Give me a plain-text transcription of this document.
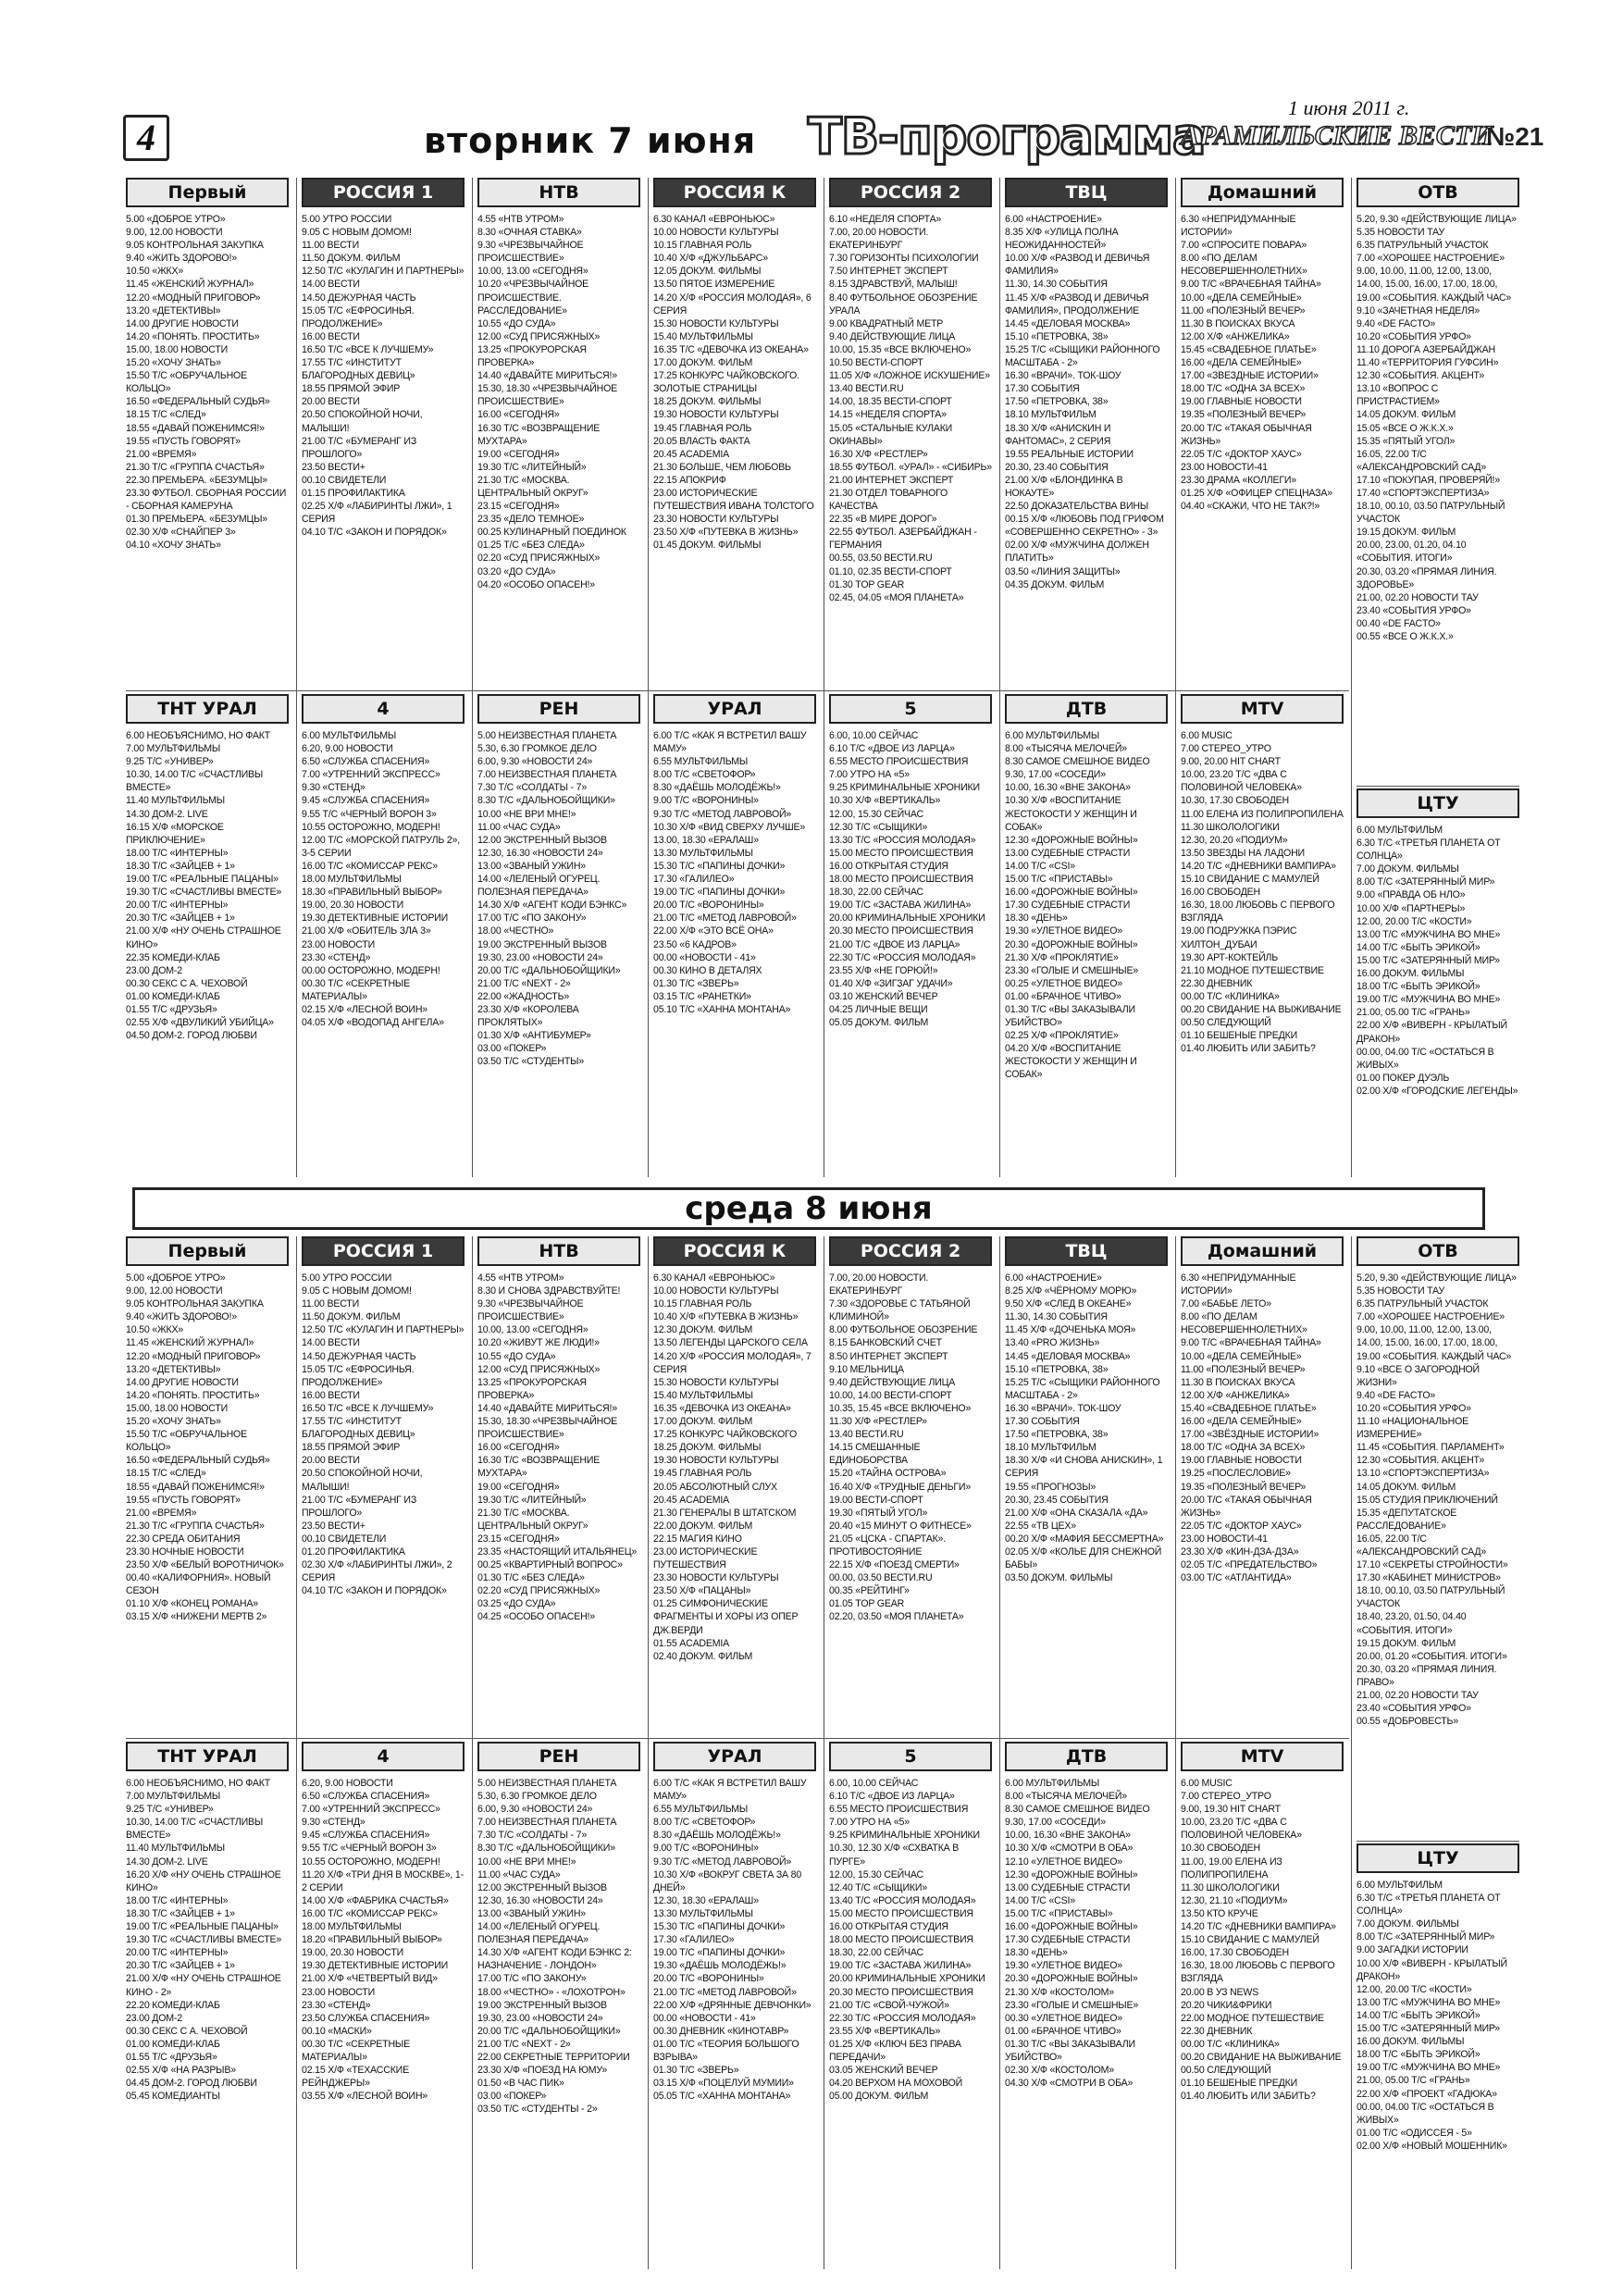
4	вторник 7 июня ТВ-программа	1 июня 2011 г.
АРАМИЛЬСКИЕ ВЕСТИ
№21
среда 8 июня
Первый
5.00 «ДОБРОЕ УТРО»
9.00, 12.00 НОВОСТИ
9.05 КОНТРОЛЬНАЯ ЗАКУПКА
9.40 «ЖИТЬ ЗДОРОВО!»
10.50 «ЖКХ»
11.45 «ЖЕНСКИЙ ЖУРНАЛ»
12.20 «МОДНЫЙ ПРИГОВОР»
13.20 «ДЕТЕКТИВЫ»
14.00 ДРУГИЕ НОВОСТИ
14.20 «ПОНЯТЬ. ПРОСТИТЬ»
15.00, 18.00 НОВОСТИ
15.20 «ХОЧУ ЗНАТЬ»
15.50 Т/С «ОБРУЧАЛЬНОЕ КОЛЬЦО»
16.50 «ФЕДЕРАЛЬНЫЙ СУДЬЯ»
18.15 Т/С «СЛЕД»
18.55 «ДАВАЙ ПОЖЕНИМСЯ!»
19.55 «ПУСТЬ ГОВОРЯТ»
21.00 «ВРЕМЯ»
21.30 Т/С «ГРУППА СЧАСТЬЯ»
22.30 ПРЕМЬЕРА. «БЕЗУМЦЫ»
23.30 ФУТБОЛ. СБОРНАЯ РОССИИ - СБОРНАЯ КАМЕРУНА
01.30 ПРЕМЬЕРА. «БЕЗУМЦЫ»
02.30 Х/Ф «СНАЙПЕР 3»
04.10 «ХОЧУ ЗНАТЬ»
РОССИЯ 1
5.00 УТРО РОССИИ
9.05 С НОВЫМ ДОМОМ!
11.00 ВЕСТИ
11.50 ДОКУМ. ФИЛЬМ
12.50 Т/С «КУЛАГИН И ПАРТНЕРЫ»
14.00 ВЕСТИ
14.50 ДЕЖУРНАЯ ЧАСТЬ
15.05 Т/С «ЕФРОСИНЬЯ. ПРОДОЛЖЕНИЕ»
16.00 ВЕСТИ
16.50 Т/С «ВСЕ К ЛУЧШЕМУ»
17.55 Т/С «ИНСТИТУТ БЛАГОРОДНЫХ ДЕВИЦ»
18.55 ПРЯМОЙ ЭФИР
20.00 ВЕСТИ
20.50 СПОКОЙНОЙ НОЧИ, МАЛЫШИ!
21.00 Т/С «БУМЕРАНГ ИЗ ПРОШЛОГО»
23.50 ВЕСТИ+
00.10 СВИДЕТЕЛИ
01.15 ПРОФИЛАКТИКА
02.25 Х/Ф «ЛАБИРИНТЫ ЛЖИ», 1 СЕРИЯ
04.10 Т/С «ЗАКОН И ПОРЯДОК»
НТВ
4.55 «НТВ УТРОМ»
8.30 «ОЧНАЯ СТАВКА»
9.30 «ЧРЕЗВЫЧАЙНОЕ ПРОИСШЕСТВИЕ»
10.00, 13.00 «СЕГОДНЯ»
10.20 «ЧРЕЗВЫЧАЙНОЕ ПРОИСШЕСТВИЕ. РАССЛЕДОВАНИЕ»
10.55 «ДО СУДА»
12.00 «СУД ПРИСЯЖНЫХ»
13.25 «ПРОКУРОРСКАЯ ПРОВЕРКА»
14.40 «ДАВАЙТЕ МИРИТЬСЯ!»
15.30, 18.30 «ЧРЕЗВЫЧАЙНОЕ ПРОИСШЕСТВИЕ»
16.00 «СЕГОДНЯ»
16.30 Т/С «ВОЗВРАЩЕНИЕ МУХТАРА»
19.00 «СЕГОДНЯ»
19.30 Т/С «ЛИТЕЙНЫЙ»
21.30 Т/С «МОСКВА. ЦЕНТРАЛЬНЫЙ ОКРУГ»
23.15 «СЕГОДНЯ»
23.35 «ДЕЛО ТЕМНОЕ»
00.25 КУЛИНАРНЫЙ ПОЕДИНОК
01.25 Т/С «БЕЗ СЛЕДА»
02.20 «СУД ПРИСЯЖНЫХ»
03.20 «ДО СУДА»
04.20 «ОСОБО ОПАСЕН!»
РОССИЯ К
6.30 КАНАЛ «ЕВРОНЬЮС»
10.00 НОВОСТИ КУЛЬТУРЫ
10.15 ГЛАВНАЯ РОЛЬ
10.40 Х/Ф «ДЖУЛЬБАРС»
12.05 ДОКУМ. ФИЛЬМЫ
13.50 ПЯТОЕ ИЗМЕРЕНИЕ
14.20 Х/Ф «РОССИЯ МОЛОДАЯ», 6 СЕРИЯ
15.30 НОВОСТИ КУЛЬТУРЫ
15.40 МУЛЬТФИЛЬМЫ
16.35 Т/С «ДЕВОЧКА ИЗ ОКЕАНА»
17.00 ДОКУМ. ФИЛЬМ
17.25 КОНКУРС ЧАЙКОВСКОГО. ЗОЛОТЫЕ СТРАНИЦЫ
18.25 ДОКУМ. ФИЛЬМЫ
19.30 НОВОСТИ КУЛЬТУРЫ
19.45 ГЛАВНАЯ РОЛЬ
20.05 ВЛАСТЬ ФАКТА
20.45 ACADEMIA
21.30 БОЛЬШЕ, ЧЕМ ЛЮБОВЬ
22.15 АПОКРИФ
23.00 ИСТОРИЧЕСКИЕ ПУТЕШЕСТВИЯ ИВАНА ТОЛСТОГО
23.30 НОВОСТИ КУЛЬТУРЫ
23.50 Х/Ф «ПУТЕВКА В ЖИЗНЬ»
01.45 ДОКУМ. ФИЛЬМЫ
РОССИЯ 2
6.10 «НЕДЕЛЯ СПОРТА»
7.00, 20.00 НОВОСТИ. ЕКАТЕРИНБУРГ
7.30 ГОРИЗОНТЫ ПСИХОЛОГИИ
7.50 ИНТЕРНЕТ ЭКСПЕРТ
8.15 ЗДРАВСТВУЙ, МАЛЫШ!
8.40 ФУТБОЛЬНОЕ ОБОЗРЕНИЕ УРАЛА
9.00 КВАДРАТНЫЙ МЕТР
9.40 ДЕЙСТВУЮЩИЕ ЛИЦА
10.00, 15.35 «ВСЕ ВКЛЮЧЕНО»
10.50 ВЕСТИ-СПОРТ
11.05 Х/Ф «ЛОЖНОЕ ИСКУШЕНИЕ»
13.40 ВЕСТИ.RU
14.00, 18.35 ВЕСТИ-СПОРТ
14.15 «НЕДЕЛЯ СПОРТА»
15.05 «СТАЛЬНЫЕ КУЛАКИ ОКИНАВЫ»
16.30 Х/Ф «РЕСТЛЕР»
18.55 ФУТБОЛ. «УРАЛ» - «СИБИРЬ»
21.00 ИНТЕРНЕТ ЭКСПЕРТ
21.30 ОТДЕЛ ТОВАРНОГО КАЧЕСТВА
22.35 «В МИРЕ ДОРОГ»
22.55 ФУТБОЛ. АЗЕРБАЙДЖАН - ГЕРМАНИЯ
00.55, 03.50 ВЕСТИ.RU
01.10, 02.35 ВЕСТИ-СПОРТ
01.30 TOP GEAR
02.45, 04.05 «МОЯ ПЛАНЕТА»
ТВЦ
6.00 «НАСТРОЕНИЕ»
8.35 Х/Ф «УЛИЦА ПОЛНА НЕОЖИДАННОСТЕЙ»
10.00 Х/Ф «РАЗВОД И ДЕВИЧЬЯ ФАМИЛИЯ»
11.30, 14.30 СОБЫТИЯ
11.45 Х/Ф «РАЗВОД И ДЕВИЧЬЯ ФАМИЛИЯ», ПРОДОЛЖЕНИЕ
14.45 «ДЕЛОВАЯ МОСКВА»
15.10 «ПЕТРОВКА, 38»
15.25 Т/С «СЫЩИКИ РАЙОННОГО МАСШТАБА - 2»
16.30 «ВРАЧИ». ТОК-ШОУ
17.30 СОБЫТИЯ
17.50 «ПЕТРОВКА, 38»
18.10 МУЛЬТФИЛЬМ
18.30 Х/Ф «АНИСКИН И ФАНТОМАС», 2 СЕРИЯ
19.55 РЕАЛЬНЫЕ ИСТОРИИ
20.30, 23.40 СОБЫТИЯ
21.00 Х/Ф «БЛОНДИНКА В НОКАУТЕ»
22.50 ДОКАЗАТЕЛЬСТВА ВИНЫ
00.15 Х/Ф «ЛЮБОВЬ ПОД ГРИФОМ «СОВЕРШЕННО СЕКРЕТНО» - 3»
02.00 Х/Ф «МУЖЧИНА ДОЛЖЕН ПЛАТИТЬ»
03.50 «ЛИНИЯ ЗАЩИТЫ»
04.35 ДОКУМ. ФИЛЬМ
Домашний
6.30 «НЕПРИДУМАННЫЕ ИСТОРИИ»
7.00 «СПРОСИТЕ ПОВАРА»
8.00 «ПО ДЕЛАМ НЕСОВЕРШЕННОЛЕТНИХ»
9.00 Т/С «ВРАЧЕБНАЯ ТАЙНА»
10.00 «ДЕЛА СЕМЕЙНЫЕ»
11.00 «ПОЛЕЗНЫЙ ВЕЧЕР»
11.30 В ПОИСКАХ ВКУСА
12.00 Х/Ф «АНЖЕЛИКА»
15.45 «СВАДЕБНОЕ ПЛАТЬЕ»
16.00 «ДЕЛА СЕМЕЙНЫЕ»
17.00 «ЗВЕЗДНЫЕ ИСТОРИИ»
18.00 Т/С «ОДНА ЗА ВСЕХ»
19.00 ГЛАВНЫЕ НОВОСТИ
19.35 «ПОЛЕЗНЫЙ ВЕЧЕР»
20.00 Т/С «ТАКАЯ ОБЫЧНАЯ ЖИЗНЬ»
22.05 Т/С «ДОКТОР ХАУС»
23.00 НОВОСТИ-41
23.30 ДРАМА «КОЛЛЕГИ»
01.25 Х/Ф «ОФИЦЕР СПЕЦНАЗА»
04.40 «СКАЖИ, ЧТО НЕ ТАК?!»
ТНТ УРАЛ
6.00 НЕОБЪЯСНИМО, НО ФАКТ
7.00 МУЛЬТФИЛЬМЫ
9.25 Т/С «УНИВЕР»
10.30, 14.00 Т/С «СЧАСТЛИВЫ ВМЕСТЕ»
11.40 МУЛЬТФИЛЬМЫ
14.30 ДОМ-2. LIVE
16.15 Х/Ф «МОРСКОЕ ПРИКЛЮЧЕНИЕ»
18.00 Т/С «ИНТЕРНЫ»
18.30 Т/С «ЗАЙЦЕВ + 1»
19.00 Т/С «РЕАЛЬНЫЕ ПАЦАНЫ»
19.30 Т/С «СЧАСТЛИВЫ ВМЕСТЕ»
20.00 Т/С «ИНТЕРНЫ»
20.30 Т/С «ЗАЙЦЕВ + 1»
21.00 Х/Ф «НУ ОЧЕНЬ СТРАШНОЕ КИНО»
22.35 КОМЕДИ-КЛАБ
23.00 ДОМ-2
00.30 СЕКС С А. ЧЕХОВОЙ
01.00 КОМЕДИ-КЛАБ
01.55 Т/С «ДРУЗЬЯ»
02.55 Х/Ф «ДВУЛИКИЙ УБИЙЦА»
04.50 ДОМ-2. ГОРОД ЛЮБВИ
4
6.00 МУЛЬТФИЛЬМЫ
6.20, 9.00 НОВОСТИ
6.50 «СЛУЖБА СПАСЕНИЯ»
7.00 «УТРЕННИЙ ЭКСПРЕСС»
9.30 «СТЕНД»
9.45 «СЛУЖБА СПАСЕНИЯ»
9.55 Т/С «ЧЕРНЫЙ ВОРОН 3»
10.55 ОСТОРОЖНО, МОДЕРН!
12.00 Т/С «МОРСКОЙ ПАТРУЛЬ 2», 3-5 СЕРИИ
16.00 Т/С «КОМИССАР РЕКС»
18.00 МУЛЬТФИЛЬМЫ
18.30 «ПРАВИЛЬНЫЙ ВЫБОР»
19.00, 20.30 НОВОСТИ
19.30 ДЕТЕКТИВНЫЕ ИСТОРИИ
21.00 Х/Ф «ОБИТЕЛЬ ЗЛА 3»
23.00 НОВОСТИ
23.30 «СТЕНД»
00.00 ОСТОРОЖНО, МОДЕРН!
00.30 Т/С «СЕКРЕТНЫЕ МАТЕРИАЛЫ»
02.15 Х/Ф «ЛЕСНОЙ ВОИН»
04.05 Х/Ф «ВОДОПАД АНГЕЛА»
РЕН
5.00 НЕИЗВЕСТНАЯ ПЛАНЕТА
5.30, 6.30 ГРОМКОЕ ДЕЛО
6.00, 9.30 «НОВОСТИ 24»
7.00 НЕИЗВЕСТНАЯ ПЛАНЕТА
7.30 Т/С «СОЛДАТЫ - 7»
8.30 Т/С «ДАЛЬНОБОЙЩИКИ»
10.00 «НЕ ВРИ МНЕ!»
11.00 «ЧАС СУДА»
12.00 ЭКСТРЕННЫЙ ВЫЗОВ
12.30, 16.30 «НОВОСТИ 24»
13.00 «ЗВАНЫЙ УЖИН»
14.00 «ЛЕЛЕНЫЙ ОГУРЕЦ. ПОЛЕЗНАЯ ПЕРЕДАЧА»
14.30 Х/Ф «АГЕНТ КОДИ БЭНКС»
17.00 Т/С «ПО ЗАКОНУ»
18.00 «ЧЕСТНО»
19.00 ЭКСТРЕННЫЙ ВЫЗОВ
19.30, 23.00 «НОВОСТИ 24»
20.00 Т/С «ДАЛЬНОБОЙЩИКИ»
21.00 Т/С «NEXT - 2»
22.00 «ЖАДНОСТЬ»
23.30 Х/Ф «КОРОЛЕВА ПРОКЛЯТЫХ»
01.30 Х/Ф «АНТИБУМЕР»
03.00 «ПОКЕР»
03.50 Т/С «СТУДЕНТЫ»
УРАЛ
6.00 Т/С «КАК Я ВСТРЕТИЛ ВАШУ МАМУ»
6.55 МУЛЬТФИЛЬМЫ
8.00 Т/С «СВЕТОФОР»
8.30 «ДАЁШЬ МОЛОДЁЖЬ!»
9.00 Т/С «ВОРОНИНЫ»
9.30 Т/С «МЕТОД ЛАВРОВОЙ»
10.30 Х/Ф «ВИД СВЕРХУ ЛУЧШЕ»
13.00, 18.30 «ЕРАЛАШ»
13.30 МУЛЬТФИЛЬМЫ
15.30 Т/С «ПАПИНЫ ДОЧКИ»
17.30 «ГАЛИЛЕО»
19.00 Т/С «ПАПИНЫ ДОЧКИ»
20.00 Т/С «ВОРОНИНЫ»
21.00 Т/С «МЕТОД ЛАВРОВОЙ»
22.00 Х/Ф «ЭТО ВСЁ ОНА»
23.50 «6 КАДРОВ»
00.00 «НОВОСТИ - 41»
00.30 КИНО В ДЕТАЛЯХ
01.30 Т/С «ЗВЕРЬ»
03.15 Т/С «РАНЕТКИ»
05.10 Т/С «ХАННА МОНТАНА»
5
6.00, 10.00 СЕЙЧАС
6.10 Т/С «ДВОЕ ИЗ ЛАРЦА»
6.55 МЕСТО ПРОИСШЕСТВИЯ
7.00 УТРО НА «5»
9.25 КРИМИНАЛЬНЫЕ ХРОНИКИ
10.30 Х/Ф «ВЕРТИКАЛЬ»
12.00, 15.30 СЕЙЧАС
12.30 Т/С «СЫЩИКИ»
13.30 Т/С «РОССИЯ МОЛОДАЯ»
15.00 МЕСТО ПРОИСШЕСТВИЯ
16.00 ОТКРЫТАЯ СТУДИЯ
18.00 МЕСТО ПРОИСШЕСТВИЯ
18.30, 22.00 СЕЙЧАС
19.00 Т/С «ЗАСТАВА ЖИЛИНА»
20.00 КРИМИНАЛЬНЫЕ ХРОНИКИ
20.30 МЕСТО ПРОИСШЕСТВИЯ
21.00 Т/С «ДВОЕ ИЗ ЛАРЦА»
22.30 Т/С «РОССИЯ МОЛОДАЯ»
23.55 Х/Ф «НЕ ГОРЮЙ!»
01.40 Х/Ф «ЗИГЗАГ УДАЧИ»
03.10 ЖЕНСКИЙ ВЕЧЕР
04.25 ЛИЧНЫЕ ВЕЩИ
05.05 ДОКУМ. ФИЛЬМ
ДТВ
6.00 МУЛЬТФИЛЬМЫ
8.00 «ТЫСЯЧА МЕЛОЧЕЙ»
8.30 САМОЕ СМЕШНОЕ ВИДЕО
9.30, 17.00 «СОСЕДИ»
10.00, 16.30 «ВНЕ ЗАКОНА»
10.30 Х/Ф «ВОСПИТАНИЕ ЖЕСТОКОСТИ У ЖЕНЩИН И СОБАК»
12.30 «ДОРОЖНЫЕ ВОЙНЫ»
13.00 СУДЕБНЫЕ СТРАСТИ
14.00 Т/С «CSI»
15.00 Т/С «ПРИСТАВЫ»
16.00 «ДОРОЖНЫЕ ВОЙНЫ»
17.30 СУДЕБНЫЕ СТРАСТИ
18.30 «ДЕНЬ»
19.30 «УЛЕТНОЕ ВИДЕО»
20.30 «ДОРОЖНЫЕ ВОЙНЫ»
21.30 Х/Ф «ПРОКЛЯТИЕ»
23.30 «ГОЛЫЕ И СМЕШНЫЕ»
00.25 «УЛЕТНОЕ ВИДЕО»
01.00 «БРАЧНОЕ ЧТИВО»
01.30 Т/С «ВЫ ЗАКАЗЫВАЛИ УБИЙСТВО»
02.25 Х/Ф «ПРОКЛЯТИЕ»
04.20 Х/Ф «ВОСПИТАНИЕ ЖЕСТОКОСТИ У ЖЕНЩИН И СОБАК»
MTV
6.00 MUSIC
7.00 СТЕРЕО_УТРО
9.00, 20.00 HIT CHART
10.00, 23.20 Т/С «ДВА С ПОЛОВИНОЙ ЧЕЛОВЕКА»
10.30, 17.30 СВОБОДЕН
11.00 ЕЛЕНА ИЗ ПОЛИПРОПИЛЕНА
11.30 ШКОЛОЛОГИКИ
12.30, 20.20 «ПОДИУМ»
13.50 ЗВЕЗДЫ НА ЛАДОНИ
14.20 Т/С «ДНЕВНИКИ ВАМПИРА»
15.10 СВИДАНИЕ С МАМУЛЕЙ
16.00 СВОБОДЕН
16.30, 18.00 ЛЮБОВЬ С ПЕРВОГО ВЗГЛЯДА
19.00 ПОДРУЖКА ПЭРИС ХИЛТОН_ДУБАИ
19.30 АРТ-КОКТЕЙЛЬ
21.10 МОДНОЕ ПУТЕШЕСТВИЕ
22.30 ДНЕВНИК
00.00 Т/С «КЛИНИКА»
00.20 СВИДАНИЕ НА ВЫЖИВАНИЕ
00.50 СЛЕДУЮЩИЙ
01.10 БЕШЕНЫЕ ПРЕДКИ
01.40 ЛЮБИТЬ ИЛИ ЗАБИТЬ?
ОТВ
5.20, 9.30 «ДЕЙСТВУЮЩИЕ ЛИЦА»
5.35 НОВОСТИ ТАУ
6.35 ПАТРУЛЬНЫЙ УЧАСТОК
7.00 «ХОРОШЕЕ НАСТРОЕНИЕ»
9.00, 10.00, 11.00, 12.00, 13.00, 14.00, 15.00, 16.00, 17.00, 18.00, 19.00 «СОБЫТИЯ. КАЖДЫЙ ЧАС»
9.10 «ЗАЧЕТНАЯ НЕДЕЛЯ»
9.40 «DE FACTO»
10.20 «СОБЫТИЯ УРФО»
11.10 ДОРОГА АЗЕРБАЙДЖАН
11.40 «ТЕРРИТОРИЯ ГУФСИН»
12.30 «СОБЫТИЯ. АКЦЕНТ»
13.10 «ВОПРОС С ПРИСТРАСТИЕМ»
14.05 ДОКУМ. ФИЛЬМ
15.05 «ВСЕ О Ж.К.Х.»
15.35 «ПЯТЫЙ УГОЛ»
16.05, 22.00 Т/С «АЛЕКСАНДРОВСКИЙ САД»
17.10 «ПОКУПАЯ, ПРОВЕРЯЙ!»
17.40 «СПОРТЭКСПЕРТИЗА»
18.10, 00.10, 03.50 ПАТРУЛЬНЫЙ УЧАСТОК
19.15 ДОКУМ. ФИЛЬМ
20.00, 23.00, 01.20, 04.10 «СОБЫТИЯ. ИТОГИ»
20.30, 03.20 «ПРЯМАЯ ЛИНИЯ. ЗДОРОВЬЕ»
21.00, 02.20 НОВОСТИ ТАУ
23.40 «СОБЫТИЯ УРФО»
00.40 «DE FACTO»
00.55 «ВСЕ О Ж.К.Х.»
ЦТУ
6.00 МУЛЬТФИЛЬМ
6.30 Т/С «ТРЕТЬЯ ПЛАНЕТА ОТ СОЛНЦА»
7.00 ДОКУМ. ФИЛЬМЫ
8.00 Т/С «ЗАТЕРЯННЫЙ МИР»
9.00 «ПРАВДА ОБ НЛО»
10.00 Х/Ф «ПАРТНЕРЫ»
12.00, 20.00 Т/С «КОСТИ»
13.00 Т/С «МУЖЧИНА ВО МНЕ»
14.00 Т/С «БЫТЬ ЭРИКОЙ»
15.00 Т/С «ЗАТЕРЯННЫЙ МИР»
16.00 ДОКУМ. ФИЛЬМЫ
18.00 Т/С «БЫТЬ ЭРИКОЙ»
19.00 Т/С «МУЖЧИНА ВО МНЕ»
21.00, 05.00 Т/С «ГРАНЬ»
22.00 Х/Ф «ВИВЕРН - КРЫЛАТЫЙ ДРАКОН»
00.00, 04.00 Т/С «ОСТАТЬСЯ В ЖИВЫХ»
01.00 ПОКЕР ДУЭЛЬ
02.00 Х/Ф «ГОРОДСКИЕ ЛЕГЕНДЫ»
Первый
5.00 «ДОБРОЕ УТРО»
9.00, 12.00 НОВОСТИ
9.05 КОНТРОЛЬНАЯ ЗАКУПКА
9.40 «ЖИТЬ ЗДОРОВО!»
10.50 «ЖКХ»
11.45 «ЖЕНСКИЙ ЖУРНАЛ»
12.20 «МОДНЫЙ ПРИГОВОР»
13.20 «ДЕТЕКТИВЫ»
14.00 ДРУГИЕ НОВОСТИ
14.20 «ПОНЯТЬ. ПРОСТИТЬ»
15.00, 18.00 НОВОСТИ
15.20 «ХОЧУ ЗНАТЬ»
15.50 Т/С «ОБРУЧАЛЬНОЕ КОЛЬЦО»
16.50 «ФЕДЕРАЛЬНЫЙ СУДЬЯ»
18.15 Т/С «СЛЕД»
18.55 «ДАВАЙ ПОЖЕНИМСЯ!»
19.55 «ПУСТЬ ГОВОРЯТ»
21.00 «ВРЕМЯ»
21.30 Т/С «ГРУППА СЧАСТЬЯ»
22.30 СРЕДА ОБИТАНИЯ
23.30 НОЧНЫЕ НОВОСТИ
23.50 Х/Ф «БЕЛЫЙ ВОРОТНИЧОК»
00.40 «КАЛИФОРНИЯ». НОВЫЙ СЕЗОН
01.10 Х/Ф «КОНЕЦ РОМАНА»
03.15 Х/Ф «НИЖЕНИ МЕРТВ 2»
РОССИЯ 1
5.00 УТРО РОССИИ
9.05 С НОВЫМ ДОМОМ!
11.00 ВЕСТИ
11.50 ДОКУМ. ФИЛЬМ
12.50 Т/С «КУЛАГИН И ПАРТНЕРЫ»
14.00 ВЕСТИ
14.50 ДЕЖУРНАЯ ЧАСТЬ
15.05 Т/С «ЕФРОСИНЬЯ. ПРОДОЛЖЕНИЕ»
16.00 ВЕСТИ
16.50 Т/С «ВСЕ К ЛУЧШЕМУ»
17.55 Т/С «ИНСТИТУТ БЛАГОРОДНЫХ ДЕВИЦ»
18.55 ПРЯМОЙ ЭФИР
20.00 ВЕСТИ
20.50 СПОКОЙНОЙ НОЧИ, МАЛЫШИ!
21.00 Т/С «БУМЕРАНГ ИЗ ПРОШЛОГО»
23.50 ВЕСТИ+
00.10 СВИДЕТЕЛИ
01.20 ПРОФИЛАКТИКА
02.30 Х/Ф «ЛАБИРИНТЫ ЛЖИ», 2 СЕРИЯ
04.10 Т/С «ЗАКОН И ПОРЯДОК»
НТВ
4.55 «НТВ УТРОМ»
8.30 И СНОВА ЗДРАВСТВУЙТЕ!
9.30 «ЧРЕЗВЫЧАЙНОЕ ПРОИСШЕСТВИЕ»
10.00, 13.00 «СЕГОДНЯ»
10.20 «ЖИВУТ ЖЕ ЛЮДИ!»
10.55 «ДО СУДА»
12.00 «СУД ПРИСЯЖНЫХ»
13.25 «ПРОКУРОРСКАЯ ПРОВЕРКА»
14.40 «ДАВАЙТЕ МИРИТЬСЯ!»
15.30, 18.30 «ЧРЕЗВЫЧАЙНОЕ ПРОИСШЕСТВИЕ»
16.00 «СЕГОДНЯ»
16.30 Т/С «ВОЗВРАЩЕНИЕ МУХТАРА»
19.00 «СЕГОДНЯ»
19.30 Т/С «ЛИТЕЙНЫЙ»
21.30 Т/С «МОСКВА. ЦЕНТРАЛЬНЫЙ ОКРУГ»
23.15 «СЕГОДНЯ»
23.35 «НАСТОЯЩИЙ ИТАЛЬЯНЕЦ»
00.25 «КВАРТИРНЫЙ ВОПРОС»
01.30 Т/С «БЕЗ СЛЕДА»
02.20 «СУД ПРИСЯЖНЫХ»
03.25 «ДО СУДА»
04.25 «ОСОБО ОПАСЕН!»
РОССИЯ К
6.30 КАНАЛ «ЕВРОНЬЮС»
10.00 НОВОСТИ КУЛЬТУРЫ
10.15 ГЛАВНАЯ РОЛЬ
10.40 Х/Ф «ПУТЕВКА В ЖИЗНЬ»
12.30 ДОКУМ. ФИЛЬМ
13.50 ЛЕГЕНДЫ ЦАРСКОГО СЕЛА
14.20 Х/Ф «РОССИЯ МОЛОДАЯ», 7 СЕРИЯ
15.30 НОВОСТИ КУЛЬТУРЫ
15.40 МУЛЬТФИЛЬМЫ
16.35 «ДЕВОЧКА ИЗ ОКЕАНА»
17.00 ДОКУМ. ФИЛЬМ
17.25 КОНКУРС ЧАЙКОВСКОГО
18.25 ДОКУМ. ФИЛЬМЫ
19.30 НОВОСТИ КУЛЬТУРЫ
19.45 ГЛАВНАЯ РОЛЬ
20.05 АБСОЛЮТНЫЙ СЛУХ
20.45 ACADEMIA
21.30 ГЕНЕРАЛЫ В ШТАТСКОМ
22.00 ДОКУМ. ФИЛЬМ
22.15 МАГИЯ КИНО
23.00 ИСТОРИЧЕСКИЕ ПУТЕШЕСТВИЯ
23.30 НОВОСТИ КУЛЬТУРЫ
23.50 Х/Ф «ПАЦАНЫ»
01.25 СИМФОНИЧЕСКИЕ ФРАГМЕНТЫ И ХОРЫ ИЗ ОПЕР ДЖ.ВЕРДИ
01.55 ACADEMIA
02.40 ДОКУМ. ФИЛЬМ
РОССИЯ 2
7.00, 20.00 НОВОСТИ. ЕКАТЕРИНБУРГ
7.30 «ЗДОРОВЬЕ С ТАТЬЯНОЙ КЛИМИНОЙ»
8.00 ФУТБОЛЬНОЕ ОБОЗРЕНИЕ
8.15 БАНКОВСКИЙ СЧЕТ
8.50 ИНТЕРНЕТ ЭКСПЕРТ
9.10 МЕЛЬНИЦА
9.40 ДЕЙСТВУЮЩИЕ ЛИЦА
10.00, 14.00 ВЕСТИ-СПОРТ
10.35, 15.45 «ВСЕ ВКЛЮЧЕНО»
11.30 Х/Ф «РЕСТЛЕР»
13.40 ВЕСТИ.RU
14.15 СМЕШАННЫЕ ЕДИНОБОРСТВА
15.20 «ТАЙНА ОСТРОВА»
16.40 Х/Ф «ТРУДНЫЕ ДЕНЬГИ»
19.00 ВЕСТИ-СПОРТ
19.30 «ПЯТЫЙ УГОЛ»
20.40 «15 МИНУТ О ФИТНЕСЕ»
21.05 «ЦСКА - СПАРТАК». ПРОТИВОСТОЯНИЕ
22.15 Х/Ф «ПОЕЗД СМЕРТИ»
00.00, 03.50 ВЕСТИ.RU
00.35 «РЕЙТИНГ»
01.05 TOP GEAR
02.20, 03.50 «МОЯ ПЛАНЕТА»
ТВЦ
6.00 «НАСТРОЕНИЕ»
8.25 Х/Ф «ЧЁРНОМУ МОРЮ»
9.50 Х/Ф «СЛЕД В ОКЕАНЕ»
11.30, 14.30 СОБЫТИЯ
11.45 Х/Ф «ДОЧЕНЬКА МОЯ»
13.40 «PRO ЖИЗНЬ»
14.45 «ДЕЛОВАЯ МОСКВА»
15.10 «ПЕТРОВКА, 38»
15.25 Т/С «СЫЩИКИ РАЙОННОГО МАСШТАБА - 2»
16.30 «ВРАЧИ». ТОК-ШОУ
17.30 СОБЫТИЯ
17.50 «ПЕТРОВКА, 38»
18.10 МУЛЬТФИЛЬМ
18.30 Х/Ф «И СНОВА АНИСКИН», 1 СЕРИЯ
19.55 «ПРОГНОЗЫ»
20.30, 23.45 СОБЫТИЯ
21.00 Х/Ф «ОНА СКАЗАЛА «ДА»
22.55 «ТВ ЦЕХ»
00.20 Х/Ф «МАФИЯ БЕССМЕРТНА»
02.05 Х/Ф «КОЛЬЕ ДЛЯ СНЕЖНОЙ БАБЫ»
03.50 ДОКУМ. ФИЛЬМЫ
Домашний
6.30 «НЕПРИДУМАННЫЕ ИСТОРИИ»
7.00 «БАБЬЕ ЛЕТО»
8.00 «ПО ДЕЛАМ НЕСОВЕРШЕННОЛЕТНИХ»
9.00 Т/С «ВРАЧЕБНАЯ ТАЙНА»
10.00 «ДЕЛА СЕМЕЙНЫЕ»
11.00 «ПОЛЕЗНЫЙ ВЕЧЕР»
11.30 В ПОИСКАХ ВКУСА
12.00 Х/Ф «АНЖЕЛИКА»
15.40 «СВАДЕБНОЕ ПЛАТЬЕ»
16.00 «ДЕЛА СЕМЕЙНЫЕ»
17.00 «ЗВЁЗДНЫЕ ИСТОРИИ»
18.00 Т/С «ОДНА ЗА ВСЕХ»
19.00 ГЛАВНЫЕ НОВОСТИ
19.25 «ПОСЛЕСЛОВИЕ»
19.35 «ПОЛЕЗНЫЙ ВЕЧЕР»
20.00 Т/С «ТАКАЯ ОБЫЧНАЯ ЖИЗНЬ»
22.05 Т/С «ДОКТОР ХАУС»
23.00 НОВОСТИ-41
23.30 Х/Ф «КИН-ДЗА-ДЗА»
02.05 Т/С «ПРЕДАТЕЛЬСТВО»
03.00 Т/С «АТЛАНТИДА»
ТНТ УРАЛ
6.00 НЕОБЪЯСНИМО, НО ФАКТ
7.00 МУЛЬТФИЛЬМЫ
9.25 Т/С «УНИВЕР»
10.30, 14.00 Т/С «СЧАСТЛИВЫ ВМЕСТЕ»
11.40 МУЛЬТФИЛЬМЫ
14.30 ДОМ-2. LIVE
16.20 Х/Ф «НУ ОЧЕНЬ СТРАШНОЕ КИНО»
18.00 Т/С «ИНТЕРНЫ»
18.30 Т/С «ЗАЙЦЕВ + 1»
19.00 Т/С «РЕАЛЬНЫЕ ПАЦАНЫ»
19.30 Т/С «СЧАСТЛИВЫ ВМЕСТЕ»
20.00 Т/С «ИНТЕРНЫ»
20.30 Т/С «ЗАЙЦЕВ + 1»
21.00 Х/Ф «НУ ОЧЕНЬ СТРАШНОЕ КИНО - 2»
22.20 КОМЕДИ-КЛАБ
23.00 ДОМ-2
00.30 СЕКС С А. ЧЕХОВОЙ
01.00 КОМЕДИ-КЛАБ
01.55 Т/С «ДРУЗЬЯ»
02.55 Х/Ф «НА РАЗРЫВ»
04.45 ДОМ-2. ГОРОД ЛЮБВИ
05.45 КОМЕДИАНТЫ
4
6.20, 9.00 НОВОСТИ
6.50 «СЛУЖБА СПАСЕНИЯ»
7.00 «УТРЕННИЙ ЭКСПРЕСС»
9.30 «СТЕНД»
9.45 «СЛУЖБА СПАСЕНИЯ»
9.55 Т/С «ЧЕРНЫЙ ВОРОН 3»
10.55 ОСТОРОЖНО, МОДЕРН!
11.20 Х/Ф «ТРИ ДНЯ В МОСКВЕ», 1-2 СЕРИИ
14.00 Х/Ф «ФАБРИКА СЧАСТЬЯ»
16.00 Т/С «КОМИССАР РЕКС»
18.00 МУЛЬТФИЛЬМЫ
18.20 «ПРАВИЛЬНЫЙ ВЫБОР»
19.00, 20.30 НОВОСТИ
19.30 ДЕТЕКТИВНЫЕ ИСТОРИИ
21.00 Х/Ф «ЧЕТВЕРТЫЙ ВИД»
23.00 НОВОСТИ
23.30 «СТЕНД»
23.50 СЛУЖБА СПАСЕНИЯ»
00.10 «МАСКИ»
00.30 Т/С «СЕКРЕТНЫЕ МАТЕРИАЛЫ»
02.15 Х/Ф «ТЕХАССКИЕ РЕЙНДЖЕРЫ»
03.55 Х/Ф «ЛЕСНОЙ ВОИН»
РЕН
5.00 НЕИЗВЕСТНАЯ ПЛАНЕТА
5.30, 6.30 ГРОМКОЕ ДЕЛО
6.00, 9.30 «НОВОСТИ 24»
7.00 НЕИЗВЕСТНАЯ ПЛАНЕТА
7.30 Т/С «СОЛДАТЫ - 7»
8.30 Т/С «ДАЛЬНОБОЙЩИКИ»
10.00 «НЕ ВРИ МНЕ!»
11.00 «ЧАС СУДА»
12.00 ЭКСТРЕННЫЙ ВЫЗОВ
12.30, 16.30 «НОВОСТИ 24»
13.00 «ЗВАНЫЙ УЖИН»
14.00 «ЛЕЛЕНЫЙ ОГУРЕЦ. ПОЛЕЗНАЯ ПЕРЕДАЧА»
14.30 Х/Ф «АГЕНТ КОДИ БЭНКС 2: НАЗНАЧЕНИЕ - ЛОНДОН»
17.00 Т/С «ПО ЗАКОНУ»
18.00 «ЧЕСТНО» - «ЛОХОТРОН»
19.00 ЭКСТРЕННЫЙ ВЫЗОВ
19.30, 23.00 «НОВОСТИ 24»
20.00 Т/С «ДАЛЬНОБОЙЩИКИ»
21.00 Т/С «NEXT - 2»
22.00 СЕКРЕТНЫЕ ТЕРРИТОРИИ
23.30 Х/Ф «ПОЕЗД НА ЮМУ»
01.50 «В ЧАС ПИК»
03.00 «ПОКЕР»
03.50 Т/С «СТУДЕНТЫ - 2»
УРАЛ
6.00 Т/С «КАК Я ВСТРЕТИЛ ВАШУ МАМУ»
6.55 МУЛЬТФИЛЬМЫ
8.00 Т/С «СВЕТОФОР»
8.30 «ДАЁШЬ МОЛОДЁЖЬ!»
9.00 Т/С «ВОРОНИНЫ»
9.30 Т/С «МЕТОД ЛАВРОВОЙ»
10.30 Х/Ф «ВОКРУГ СВЕТА ЗА 80 ДНЕЙ»
12.30, 18.30 «ЕРАЛАШ»
13.30 МУЛЬТФИЛЬМЫ
15.30 Т/С «ПАПИНЫ ДОЧКИ»
17.30 «ГАЛИЛЕО»
19.00 Т/С «ПАПИНЫ ДОЧКИ»
19.30 «ДАЁШЬ МОЛОДЁЖЬ!»
20.00 Т/С «ВОРОНИНЫ»
21.00 Т/С «МЕТОД ЛАВРОВОЙ»
22.00 Х/Ф «ДРЯННЫЕ ДЕВЧОНКИ»
00.00 «НОВОСТИ - 41»
00.30 ДНЕВНИК «КИНОТАВР»
01.00 Т/С «ТЕОРИЯ БОЛЬШОГО ВЗРЫВА»
01.30 Т/С «ЗВЕРЬ»
03.15 Х/Ф «ПОЦЕЛУЙ МУМИИ»
05.05 Т/С «ХАННА МОНТАНА»
5
6.00, 10.00 СЕЙЧАС
6.10 Т/С «ДВОЕ ИЗ ЛАРЦА»
6.55 МЕСТО ПРОИСШЕСТВИЯ
7.00 УТРО НА «5»
9.25 КРИМИНАЛЬНЫЕ ХРОНИКИ
10.30, 12.30 Х/Ф «СХВАТКА В ПУРГЕ»
12.00, 15.30 СЕЙЧАС
12.40 Т/С «СЫЩИКИ»
13.40 Т/С «РОССИЯ МОЛОДАЯ»
15.00 МЕСТО ПРОИСШЕСТВИЯ
16.00 ОТКРЫТАЯ СТУДИЯ
18.00 МЕСТО ПРОИСШЕСТВИЯ
18.30, 22.00 СЕЙЧАС
19.00 Т/С «ЗАСТАВА ЖИЛИНА»
20.00 КРИМИНАЛЬНЫЕ ХРОНИКИ
20.30 МЕСТО ПРОИСШЕСТВИЯ
21.00 Т/С «СВОЙ-ЧУЖОЙ»
22.30 Т/С «РОССИЯ МОЛОДАЯ»
23.55 Х/Ф «ВЕРТИКАЛЬ»
01.25 Х/Ф «КЛЮЧ БЕЗ ПРАВА ПЕРЕДАЧИ»
03.05 ЖЕНСКИЙ ВЕЧЕР
04.20 ВЕРХОМ НА МОХОВОЙ
05.00 ДОКУМ. ФИЛЬМ
ДТВ
6.00 МУЛЬТФИЛЬМЫ
8.00 «ТЫСЯЧА МЕЛОЧЕЙ»
8.30 САМОЕ СМЕШНОЕ ВИДЕО
9.30, 17.00 «СОСЕДИ»
10.00, 16.30 «ВНЕ ЗАКОНА»
10.30 Х/Ф «СМОТРИ В ОБА»
12.10 «УЛЕТНОЕ ВИДЕО»
12.30 «ДОРОЖНЫЕ ВОЙНЫ»
13.00 СУДЕБНЫЕ СТРАСТИ
14.00 Т/С «CSI»
15.00 Т/С «ПРИСТАВЫ»
16.00 «ДОРОЖНЫЕ ВОЙНЫ»
17.30 СУДЕБНЫЕ СТРАСТИ
18.30 «ДЕНЬ»
19.30 «УЛЕТНОЕ ВИДЕО»
20.30 «ДОРОЖНЫЕ ВОЙНЫ»
21.30 Х/Ф «КОСТОЛОМ»
23.30 «ГОЛЫЕ И СМЕШНЫЕ»
00.30 «УЛЕТНОЕ ВИДЕО»
01.00 «БРАЧНОЕ ЧТИВО»
01.30 Т/С «ВЫ ЗАКАЗЫВАЛИ УБИЙСТВО»
02.30 Х/Ф «КОСТОЛОМ»
04.30 Х/Ф «СМОТРИ В ОБА»
MTV
6.00 MUSIC
7.00 СТЕРЕО_УТРО
9.00, 19.30 HIT CHART
10.00, 23.20 Т/С «ДВА С ПОЛОВИНОЙ ЧЕЛОВЕКА»
10.30 СВОБОДЕН
11.00, 19.00 ЕЛЕНА ИЗ ПОЛИПРОПИЛЕНА
11.30 ШКОЛОЛОГИКИ
12.30, 21.10 «ПОДИУМ»
13.50 КТО КРУЧЕ
14.20 Т/С «ДНЕВНИКИ ВАМПИРА»
15.10 СВИДАНИЕ С МАМУЛЕЙ
16.00, 17.30 СВОБОДЕН
16.30, 18.00 ЛЮБОВЬ С ПЕРВОГО ВЗГЛЯДА
20.00 В УЗ NEWS
20.20 ЧИКИ&ФРИКИ
22.00 МОДНОЕ ПУТЕШЕСТВИЕ
22.30 ДНЕВНИК
00.00 Т/С «КЛИНИКА»
00.20 СВИДАНИЕ НА ВЫЖИВАНИЕ
00.50 СЛЕДУЮЩИЙ
01.10 БЕШЕНЫЕ ПРЕДКИ
01.40 ЛЮБИТЬ ИЛИ ЗАБИТЬ?
ОТВ
5.20, 9.30 «ДЕЙСТВУЮЩИЕ ЛИЦА»
5.35 НОВОСТИ ТАУ
6.35 ПАТРУЛЬНЫЙ УЧАСТОК
7.00 «ХОРОШЕЕ НАСТРОЕНИЕ»
9.00, 10.00, 11.00, 12.00, 13.00, 14.00, 15.00, 16.00, 17.00, 18.00, 19.00 «СОБЫТИЯ. КАЖДЫЙ ЧАС»
9.10 «ВСЕ О ЗАГОРОДНОЙ ЖИЗНИ»
9.40 «DE FACTO»
10.20 «СОБЫТИЯ УРФО»
11.10 «НАЦИОНАЛЬНОЕ ИЗМЕРЕНИЕ»
11.45 «СОБЫТИЯ. ПАРЛАМЕНТ»
12.30 «СОБЫТИЯ. АКЦЕНТ»
13.10 «СПОРТЭКСПЕРТИЗА»
14.05 ДОКУМ. ФИЛЬМ
15.05 СТУДИЯ ПРИКЛЮЧЕНИЙ
15.35 «ДЕПУТАТСКОЕ РАССЛЕДОВАНИЕ»
16.05, 22.00 Т/С «АЛЕКСАНДРОВСКИЙ САД»
17.10 «СЕКРЕТЫ СТРОЙНОСТИ»
17.30 «КАБИНЕТ МИНИСТРОВ»
18.10, 00.10, 03.50 ПАТРУЛЬНЫЙ УЧАСТОК
18.40, 23.20, 01.50, 04.40 «СОБЫТИЯ. ИТОГИ»
19.15 ДОКУМ. ФИЛЬМ
20.00, 01.20 «СОБЫТИЯ. ИТОГИ»
20.30, 03.20 «ПРЯМАЯ ЛИНИЯ. ПРАВО»
21.00, 02.20 НОВОСТИ ТАУ
23.40 «СОБЫТИЯ УРФО»
00.55 «ДОБРОВЕСТЬ»
ЦТУ
6.00 МУЛЬТФИЛЬМ
6.30 Т/С «ТРЕТЬЯ ПЛАНЕТА ОТ СОЛНЦА»
7.00 ДОКУМ. ФИЛЬМЫ
8.00 Т/С «ЗАТЕРЯННЫЙ МИР»
9.00 ЗАГАДКИ ИСТОРИИ
10.00 Х/Ф «ВИВЕРН - КРЫЛАТЫЙ ДРАКОН»
12.00, 20.00 Т/С «КОСТИ»
13.00 Т/С «МУЖЧИНА ВО МНЕ»
14.00 Т/С «БЫТЬ ЭРИКОЙ»
15.00 Т/С «ЗАТЕРЯННЫЙ МИР»
16.00 ДОКУМ. ФИЛЬМЫ
18.00 Т/С «БЫТЬ ЭРИКОЙ»
19.00 Т/С «МУЖЧИНА ВО МНЕ»
21.00, 05.00 Т/С «ГРАНЬ»
22.00 Х/Ф «ПРОЕКТ «ГАДЮКА»
00.00, 04.00 Т/С «ОСТАТЬСЯ В ЖИВЫХ»
01.00 Т/С «ОДИССЕЯ - 5»
02.00 Х/Ф «НОВЫЙ МОШЕННИК»
